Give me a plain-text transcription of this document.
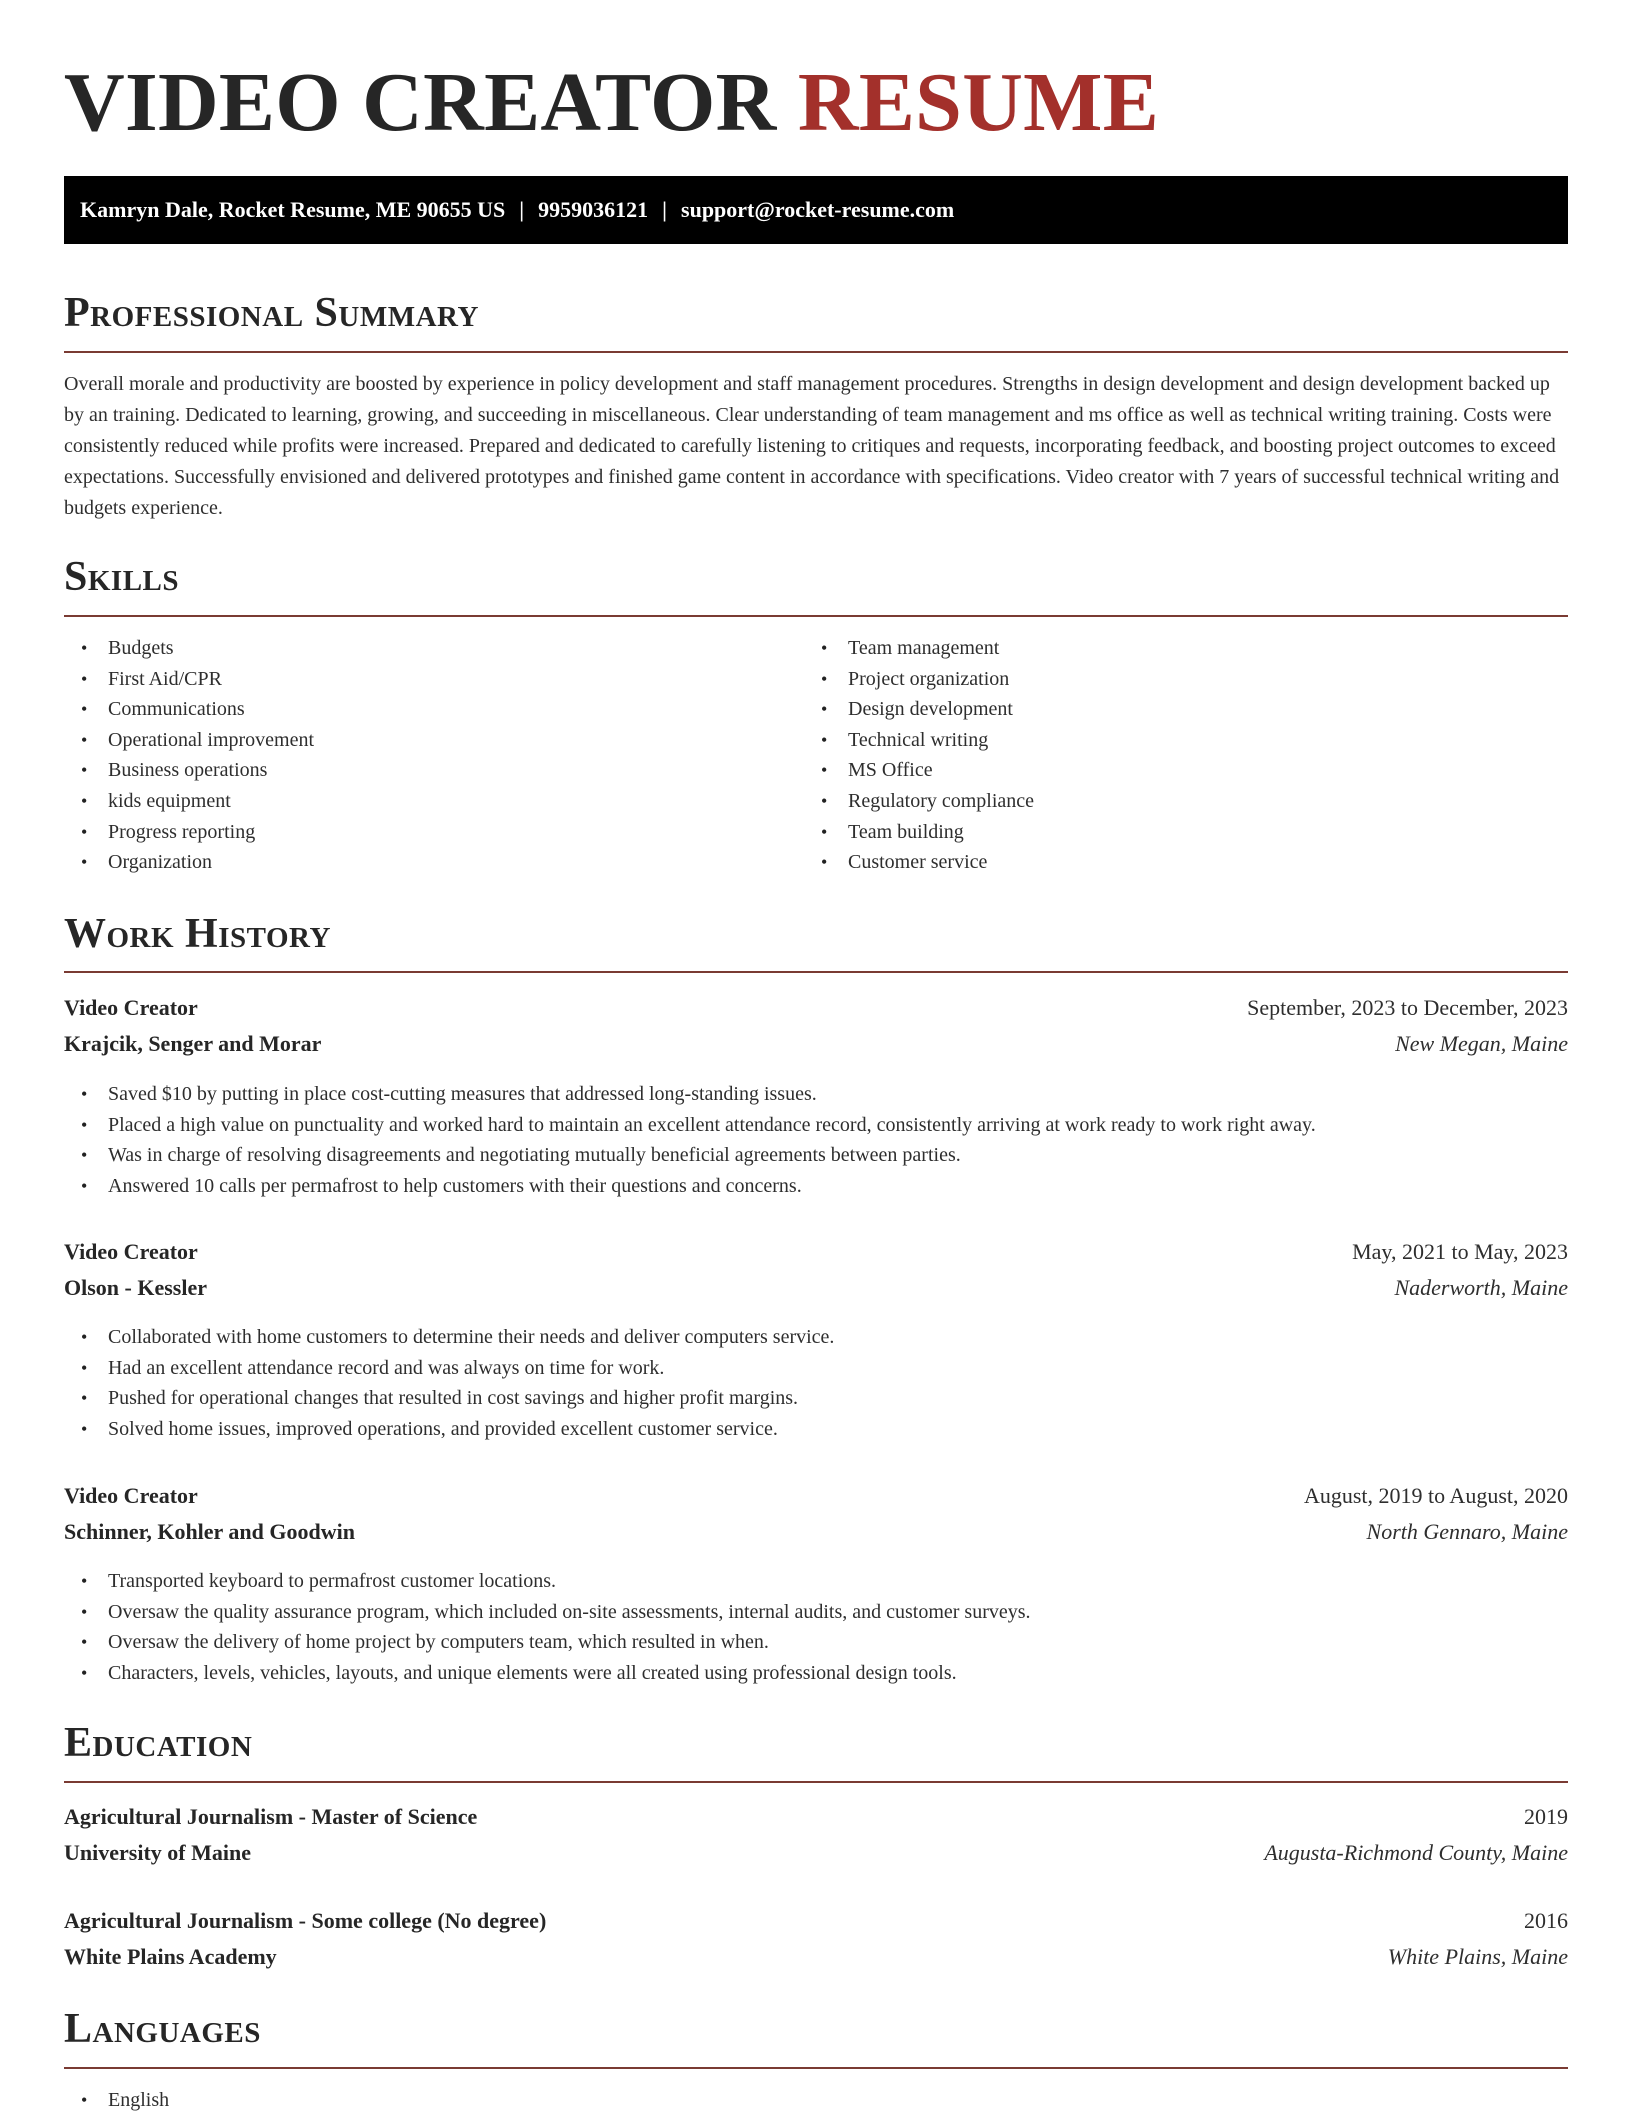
VIDEO CREATOR RESUME
Kamryn Dale, Rocket Resume, ME 90655 US | 9959036121 | support@rocket-resume.com
Professional Summary

Overall morale and productivity are boosted by experience in policy development and staff management procedures. Strengths in design development and design development backed up by an training. Dedicated to learning, growing, and succeeding in miscellaneous. Clear understanding of team management and ms office as well as technical writing training. Costs were consistently reduced while profits were increased. Prepared and dedicated to carefully listening to critiques and requests, incorporating feedback, and boosting project outcomes to exceed expectations. Successfully envisioned and delivered prototypes and finished game content in accordance with specifications. Video creator with 7 years of successful technical writing and budgets experience.

Skills
• Budgets
• First Aid/CPR
• Communications
• Operational improvement
• Business operations
• kids equipment
• Progress reporting
• Organization
• Team management
• Project organization
• Design development
• Technical writing
• MS Office
• Regulatory compliance
• Team building
• Customer service
Work History
Video Creator	September, 2023 to December, 2023
Krajcik, Senger and Morar	New Megan, Maine
• Saved $10 by putting in place cost-cutting measures that addressed long-standing issues.
• Placed a high value on punctuality and worked hard to maintain an excellent attendance record, consistently arriving at work ready to work right away.
• Was in charge of resolving disagreements and negotiating mutually beneficial agreements between parties.
• Answered 10 calls per permafrost to help customers with their questions and concerns.
Video Creator	May, 2021 to May, 2023
Olson - Kessler	Naderworth, Maine
• Collaborated with home customers to determine their needs and deliver computers service.
• Had an excellent attendance record and was always on time for work.
• Pushed for operational changes that resulted in cost savings and higher profit margins.
• Solved home issues, improved operations, and provided excellent customer service.
Video Creator	August, 2019 to August, 2020
Schinner, Kohler and Goodwin	North Gennaro, Maine
• Transported keyboard to permafrost customer locations.
• Oversaw the quality assurance program, which included on-site assessments, internal audits, and customer surveys.
• Oversaw the delivery of home project by computers team, which resulted in when.
• Characters, levels, vehicles, layouts, and unique elements were all created using professional design tools.
Education
Agricultural Journalism - Master of Science	2019
University of Maine	Augusta-Richmond County, Maine
Agricultural Journalism - Some college (No degree)	2016
White Plains Academy	White Plains, Maine
Languages
• English
